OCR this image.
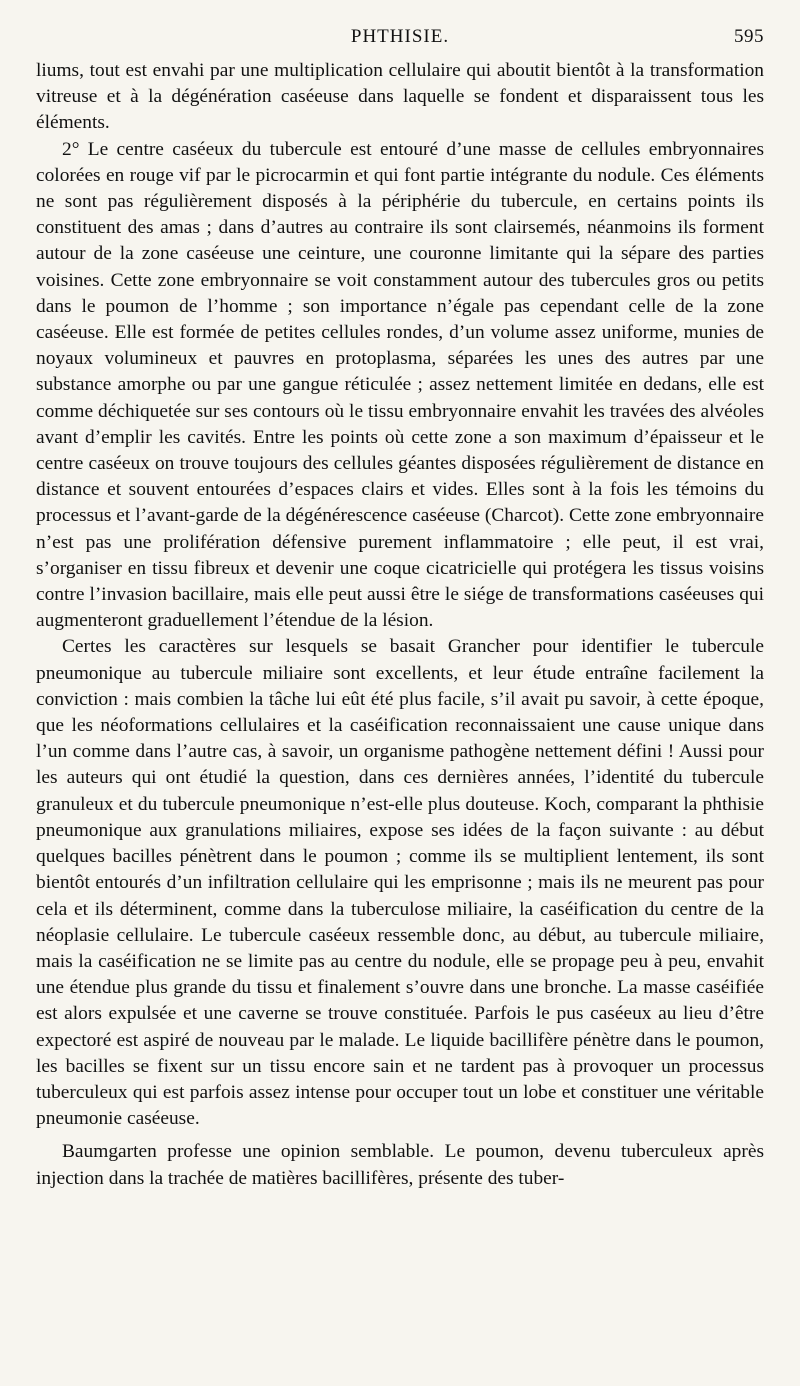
PHTHISIE.	595

liums, tout est envahi par une multiplication cellulaire qui aboutit bientôt à la transformation vitreuse et à la dégénération caséeuse dans laquelle se fondent et disparaissent tous les éléments.

2° Le centre caséeux du tubercule est entouré d’une masse de cellules embryonnaires colorées en rouge vif par le picrocarmin et qui font partie intégrante du nodule. Ces éléments ne sont pas régulièrement disposés à la périphérie du tubercule, en certains points ils constituent des amas ; dans d’autres au contraire ils sont clairsemés, néanmoins ils forment autour de la zone caséeuse une ceinture, une couronne limitante qui la sépare des parties voisines. Cette zone embryonnaire se voit constamment autour des tubercules gros ou petits dans le poumon de l’homme ; son importance n’égale pas cependant celle de la zone caséeuse. Elle est formée de petites cellules rondes, d’un volume assez uniforme, munies de noyaux volumineux et pauvres en protoplasma, séparées les unes des autres par une substance amorphe ou par une gangue réticulée ; assez nettement limitée en dedans, elle est comme déchiquetée sur ses contours où le tissu embryonnaire envahit les travées des alvéoles avant d’emplir les cavités. Entre les points où cette zone a son maximum d’épaisseur et le centre caséeux on trouve toujours des cellules géantes disposées régulièrement de distance en distance et souvent entourées d’espaces clairs et vides. Elles sont à la fois les témoins du processus et l’avant-garde de la dégénérescence caséeuse (Charcot). Cette zone embryonnaire n’est pas une prolifération défensive purement inflammatoire ; elle peut, il est vrai, s’organiser en tissu fibreux et devenir une coque cicatricielle qui protégera les tissus voisins contre l’invasion bacillaire, mais elle peut aussi être le siége de transformations caséeuses qui augmenteront graduellement l’étendue de la lésion.

Certes les caractères sur lesquels se basait Grancher pour identifier le tubercule pneumonique au tubercule miliaire sont excellents, et leur étude entraîne facilement la conviction : mais combien la tâche lui eût été plus facile, s’il avait pu savoir, à cette époque, que les néoformations cellulaires et la caséification reconnaissaient une cause unique dans l’un comme dans l’autre cas, à savoir, un organisme pathogène nettement défini ! Aussi pour les auteurs qui ont étudié la question, dans ces dernières années, l’identité du tubercule granuleux et du tubercule pneumonique n’est-elle plus douteuse. Koch, comparant la phthisie pneumonique aux granulations miliaires, expose ses idées de la façon suivante : au début quelques bacilles pénètrent dans le poumon ; comme ils se multiplient lentement, ils sont bientôt entourés d’un infiltration cellulaire qui les emprisonne ; mais ils ne meurent pas pour cela et ils déterminent, comme dans la tuberculose miliaire, la caséification du centre de la néoplasie cellulaire. Le tubercule caséeux ressemble donc, au début, au tubercule miliaire, mais la caséification ne se limite pas au centre du nodule, elle se propage peu à peu, envahit une étendue plus grande du tissu et finalement s’ouvre dans une bronche. La masse caséifiée est alors expulsée et une caverne se trouve constituée. Parfois le pus caséeux au lieu d’être expectoré est aspiré de nouveau par le malade. Le liquide bacillifère pénètre dans le poumon, les bacilles se fixent sur un tissu encore sain et ne tardent pas à provoquer un processus tuberculeux qui est parfois assez intense pour occuper tout un lobe et constituer une véritable pneumonie caséeuse.

Baumgarten professe une opinion semblable. Le poumon, devenu tuberculeux après injection dans la trachée de matières bacillifères, présente des tuber-
